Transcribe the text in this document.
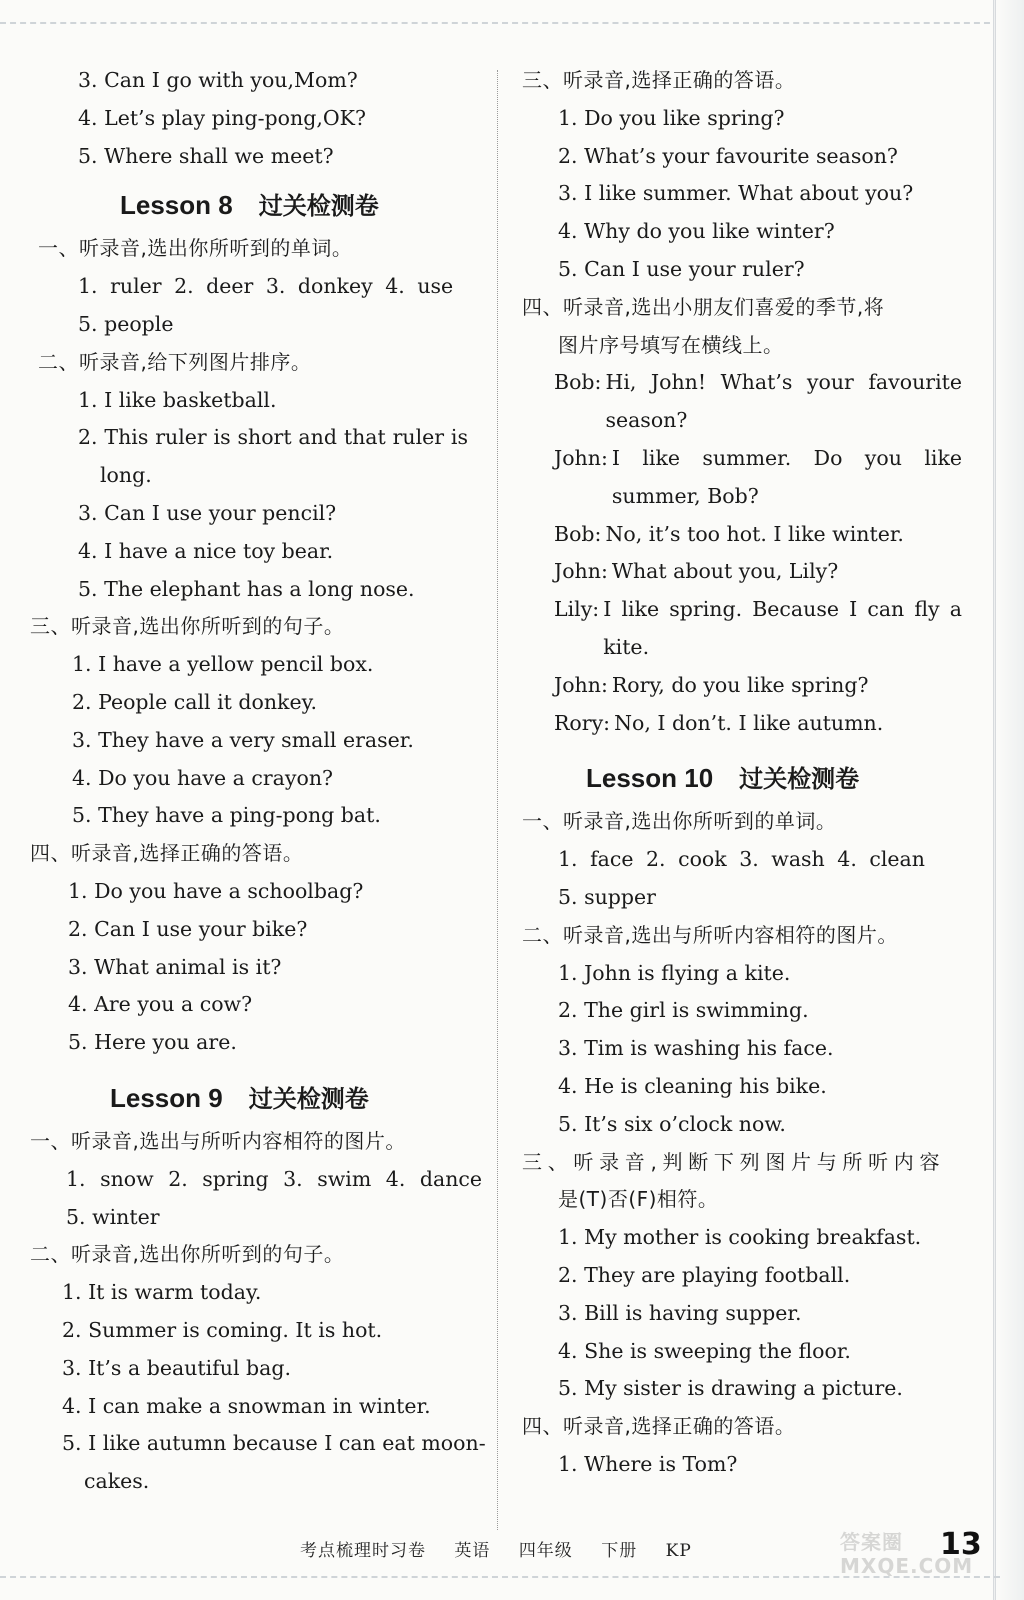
3. Can I go with you,Mom?
4. Let’s play ping-pong,OK?
5. Where shall we meet?
Lesson 8 过关检测卷
一、听录音,选出你所听到的单词。
1. ruler 2. deer 3. donkey 4. use
5. people
二、听录音,给下列图片排序。
1. I like basketball.
2. This ruler is short and that ruler is
long.
3. Can I use your pencil?
4. I have a nice toy bear.
5. The elephant has a long nose.
三、听录音,选出你所听到的句子。
1. I have a yellow pencil box.
2. People call it donkey.
3. They have a very small eraser.
4. Do you have a crayon?
5. They have a ping-pong bat.
四、听录音,选择正确的答语。
1. Do you have a schoolbag?
2. Can I use your bike?
3. What animal is it?
4. Are you a cow?
5. Here you are.
Lesson 9 过关检测卷
一、听录音,选出与所听内容相符的图片。
1. snow 2. spring 3. swim 4. dance
5. winter
二、听录音,选出你所听到的句子。
1. It is warm today.
2. Summer is coming. It is hot.
3. It’s a beautiful bag.
4. I can make a snowman in winter.
5. I like autumn because I can eat moon-
cakes.
三、听录音,选择正确的答语。
1. Do you like spring?
2. What’s your favourite season?
3. I like summer. What about you?
4. Why do you like winter?
5. Can I use your ruler?
四、听录音,选出小朋友们喜爱的季节,将
图片序号填写在横线上。
Bob: Hi, John! What’s your favourite season?
John: I like summer. Do you like summer, Bob?
Bob: No, it’s too hot. I like winter.
John: What about you, Lily?
Lily: I like spring. Because I can fly a kite.
John: Rory, do you like spring?
Rory: No, I don’t. I like autumn.
Lesson 10 过关检测卷
一、听录音,选出你所听到的单词。
1. face 2. cook 3. wash 4. clean
5. supper
二、听录音,选出与所听内容相符的图片。
1. John is flying a kite.
2. The girl is swimming.
3. Tim is washing his face.
4. He is cleaning his bike.
5. It’s six o’clock now.
三、听录音,判断下列图片与所听内容
是(T)否(F)相符。
1. My mother is cooking breakfast.
2. They are playing football.
3. Bill is having supper.
4. She is sweeping the floor.
5. My sister is drawing a picture.
四、听录音,选择正确的答语。
1. Where is Tom?
考点梳理时习卷 英语 四年级 下册 KP	答案圈 MXQE.COM
13
